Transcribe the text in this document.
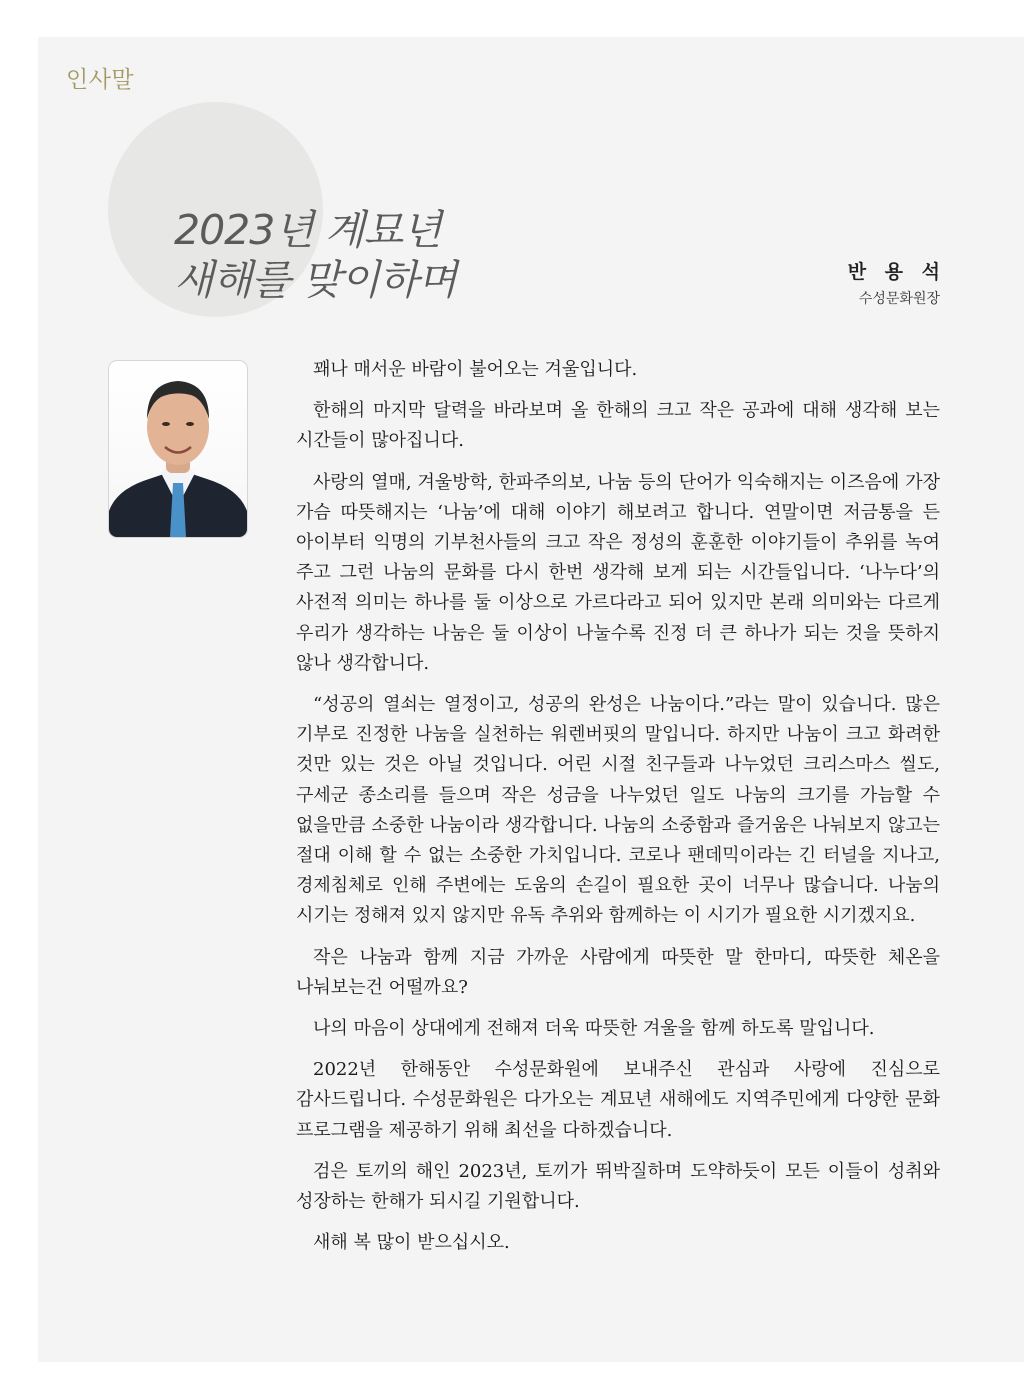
인사말
2023년 계묘년
새해를 맞이하며	반 용 석
수성문화원장

꽤나 매서운 바람이 불어오는 겨울입니다.

한해의 마지막 달력을 바라보며 올 한해의 크고 작은 공과에 대해 생각해 보는 시간들이 많아집니다.

사랑의 열매, 겨울방학, 한파주의보, 나눔 등의 단어가 익숙해지는 이즈음에 가장 가슴 따뜻해지는 ‘나눔’에 대해 이야기 해보려고 합니다. 연말이면 저금통을 든 아이부터 익명의 기부천사들의 크고 작은 정성의 훈훈한 이야기들이 추위를 녹여 주고 그런 나눔의 문화를 다시 한번 생각해 보게 되는 시간들입니다. ‘나누다’의 사전적 의미는 하나를 둘 이상으로 가르다라고 되어 있지만 본래 의미와는 다르게 우리가 생각하는 나눔은 둘 이상이 나눌수록 진정 더 큰 하나가 되는 것을 뜻하지 않나 생각합니다.

“성공의 열쇠는 열정이고, 성공의 완성은 나눔이다.”라는 말이 있습니다. 많은 기부로 진정한 나눔을 실천하는 워렌버핏의 말입니다. 하지만 나눔이 크고 화려한 것만 있는 것은 아닐 것입니다. 어린 시절 친구들과 나누었던 크리스마스 씰도, 구세군 종소리를 들으며 작은 성금을 나누었던 일도 나눔의 크기를 가늠할 수 없을만큼 소중한 나눔이라 생각합니다. 나눔의 소중함과 즐거움은 나눠보지 않고는 절대 이해 할 수 없는 소중한 가치입니다. 코로나 팬데믹이라는 긴 터널을 지나고, 경제침체로 인해 주변에는 도움의 손길이 필요한 곳이 너무나 많습니다. 나눔의 시기는 정해져 있지 않지만 유독 추위와 함께하는 이 시기가 필요한 시기겠지요.

작은 나눔과 함께 지금 가까운 사람에게 따뜻한 말 한마디, 따뜻한 체온을 나눠보는건 어떨까요?

나의 마음이 상대에게 전해져 더욱 따뜻한 겨울을 함께 하도록 말입니다.

2022년 한해동안 수성문화원에 보내주신 관심과 사랑에 진심으로 감사드립니다. 수성문화원은 다가오는 계묘년 새해에도 지역주민에게 다양한 문화 프로그램을 제공하기 위해 최선을 다하겠습니다.

검은 토끼의 해인 2023년, 토끼가 뛰박질하며 도약하듯이 모든 이들이 성취와 성장하는 한해가 되시길 기원합니다.

새해 복 많이 받으십시오.
